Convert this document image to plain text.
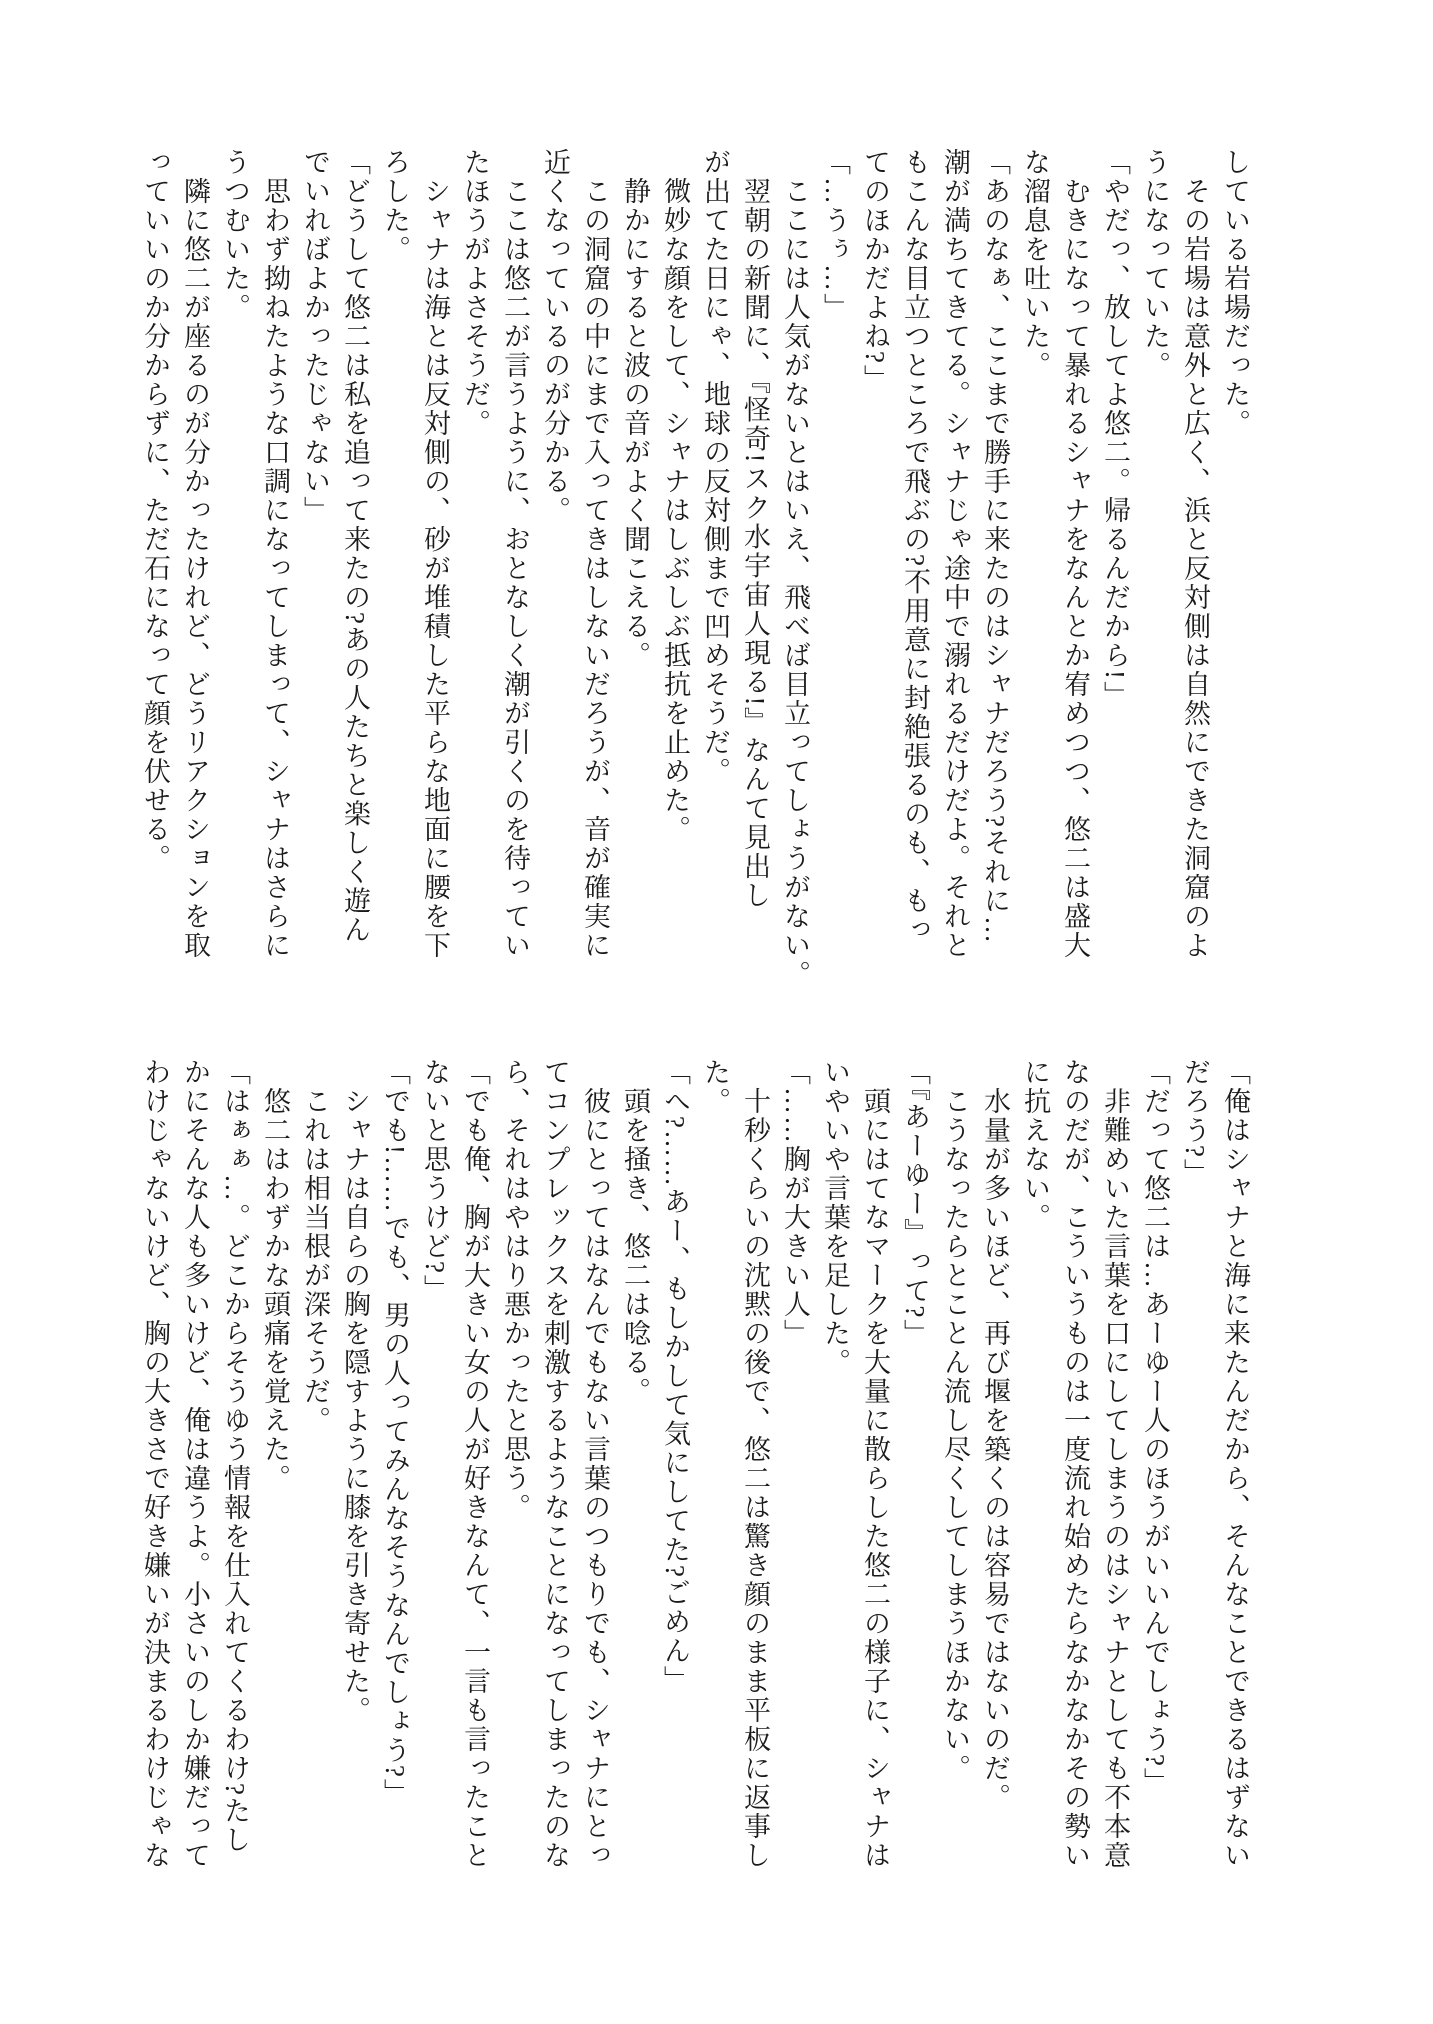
している岩場だった。

　その岩場は意外と広く、浜と反対側は自然にできた洞窟のよ

うになっていた。

「やだっ、放してよ悠二。帰るんだから!」

　むきになって暴れるシャナをなんとか宥めつつ、悠二は盛大

な溜息を吐いた。

「あのなぁ、ここまで勝手に来たのはシャナだろう?それに…

潮が満ちてきてる。シャナじゃ途中で溺れるだけだよ。それと

もこんな目立つところで飛ぶの?不用意に封絶張るのも、もっ

てのほかだよね?」

「…うぅ…」

　ここには人気がないとはいえ、飛べば目立ってしょうがない。

　翌朝の新聞に、『怪奇!スク水宇宙人現る!』なんて見出し

が出てた日にゃ、地球の反対側まで凹めそうだ。

　微妙な顔をして、シャナはしぶしぶ抵抗を止めた。

　静かにすると波の音がよく聞こえる。

　この洞窟の中にまで入ってきはしないだろうが、音が確実に

近くなっているのが分かる。

　ここは悠二が言うように、おとなしく潮が引くのを待ってい

たほうがよさそうだ。

　シャナは海とは反対側の、砂が堆積した平らな地面に腰を下

ろした。

「どうして悠二は私を追って来たの?あの人たちと楽しく遊ん

でいればよかったじゃない」

　思わず拗ねたような口調になってしまって、シャナはさらに

うつむいた。

　隣に悠二が座るのが分かったけれど、どうリアクションを取

っていいのか分からずに、ただ石になって顔を伏せる。

「俺はシャナと海に来たんだから、そんなことできるはずない

だろう?」

「だって悠二は…あーゆー人のほうがいいんでしょう?」

　非難めいた言葉を口にしてしまうのはシャナとしても不本意

なのだが、こういうものは一度流れ始めたらなかなかその勢い

に抗えない。

　水量が多いほど、再び堰を築くのは容易ではないのだ。

　こうなったらとことん流し尽くしてしまうほかない。

「『あーゆー』って?」

　頭にはてなマークを大量に散らした悠二の様子に、シャナは

いやいや言葉を足した。

「……胸が大きい人」

　十秒くらいの沈黙の後で、悠二は驚き顔のまま平板に返事し

た。

「へ?……あー、もしかして気にしてた?ごめん」

　頭を掻き、悠二は唸る。

　彼にとってはなんでもない言葉のつもりでも、シャナにとっ

てコンプレックスを刺激するようなことになってしまったのな

ら、それはやはり悪かったと思う。

「でも俺、胸が大きい女の人が好きなんて、一言も言ったこと

ないと思うけど?」

「でも!……でも、男の人ってみんなそうなんでしょう?」

　シャナは自らの胸を隠すように膝を引き寄せた。

　これは相当根が深そうだ。

　悠二はわずかな頭痛を覚えた。

「はぁぁ…。どこからそうゆう情報を仕入れてくるわけ?たし

かにそんな人も多いけど、俺は違うよ。小さいのしか嫌だって

わけじゃないけど、胸の大きさで好き嫌いが決まるわけじゃな
